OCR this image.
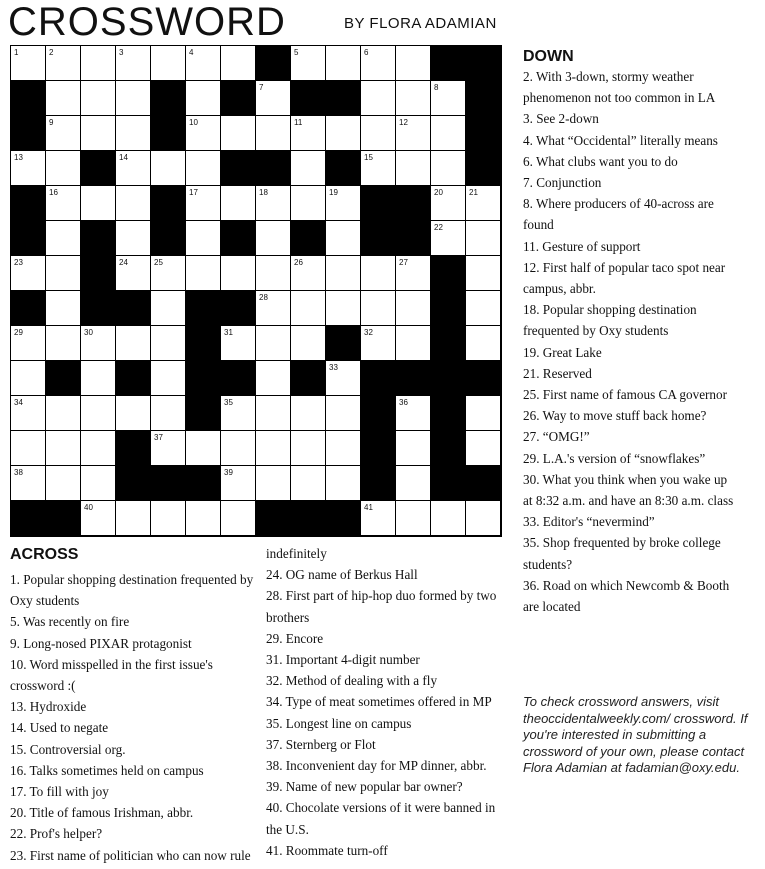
CROSSWORD	BY FLORA ADAMIAN
1	2	3	4	5	6
7	8
9	10	11	12
13	14	15
16	17	18	19	20	21
22
23	24	25	26	27
28
29	30	31	32
33
34	35	36
37
38	39
40	41
ACROSS
1. Popular shopping destination frequented by
Oxy students
5. Was recently on fire
9. Long-nosed PIXAR protagonist
10. Word misspelled in the first issue's
crossword :(
13. Hydroxide
14. Used to negate
15. Controversial org.
16. Talks sometimes held on campus
17. To fill with joy
20. Title of famous Irishman, abbr.
22. Prof's helper?
23. First name of politician who can now rule
indefinitely
24. OG name of Berkus Hall
28. First part of hip-hop duo formed by two
brothers
29. Encore
31. Important 4-digit number
32. Method of dealing with a fly
34. Type of meat sometimes offered in MP
35. Longest line on campus
37. Sternberg or Flot
38. Inconvenient day for MP dinner, abbr.
39. Name of new popular bar owner?
40. Chocolate versions of it were banned in
the U.S.
41. Roommate turn-off
DOWN
2. With 3-down, stormy weather
phenomenon not too common in LA
3. See 2-down
4. What “Occidental” literally means
6. What clubs want you to do
7. Conjunction
8. Where producers of 40-across are
found
11. Gesture of support
12. First half of popular taco spot near
campus, abbr.
18. Popular shopping destination
frequented by Oxy students
19. Great Lake
21. Reserved
25. First name of famous CA governor
26. Way to move stuff back home?
27. “OMG!”
29. L.A.'s version of “snowflakes”
30. What you think when you wake up
at 8:32 a.m. and have an 8:30 a.m. class
33. Editor's “nevermind”
35. Shop frequented by broke college
students?
36. Road on which Newcomb & Booth
are located
To check crossword answers, visit theoccidentalweekly.com/ crossword. If you're interested in submitting a crossword of your own, please contact Flora Adamian at fadamian@oxy.edu.
